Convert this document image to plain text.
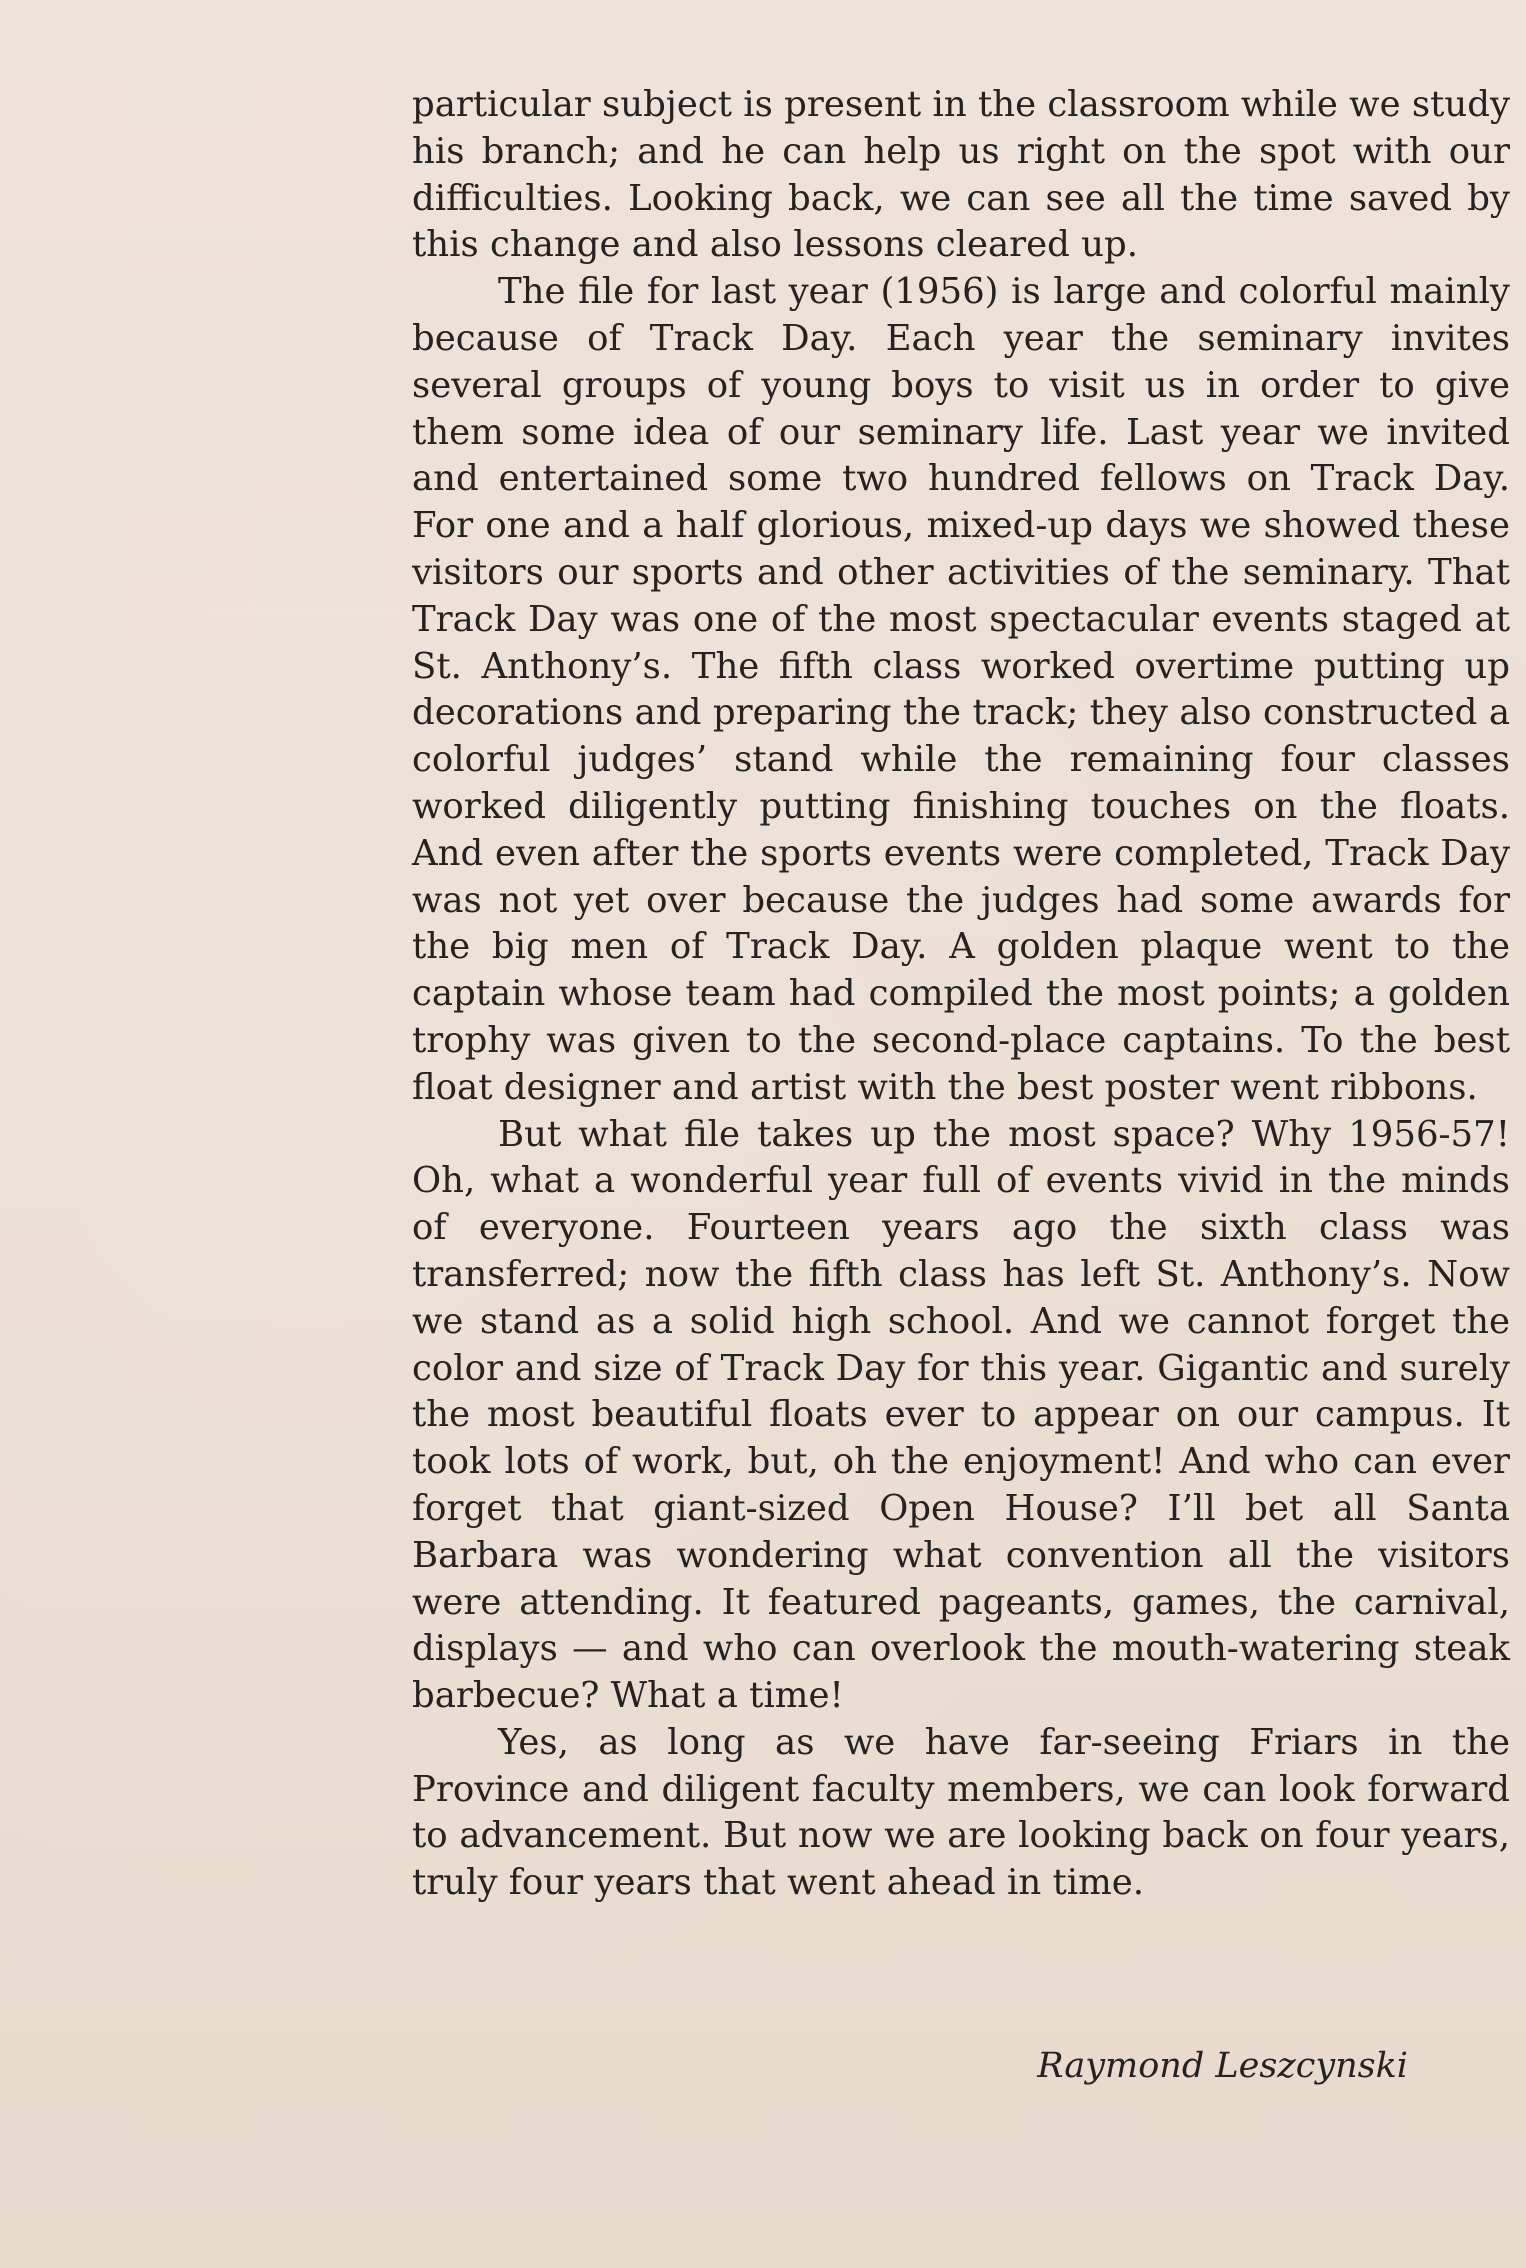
particular subject is present in the classroom while we study his branch; and he can help us right on the spot with our difficulties. Looking back, we can see all the time saved by this change and also lessons cleared up.

The file for last year (1956) is large and colorful mainly because of Track Day. Each year the seminary invites several groups of young boys to visit us in order to give them some idea of our seminary life. Last year we invited and entertained some two hundred fellows on Track Day. For one and a half glorious, mixed-up days we showed these visitors our sports and other activities of the seminary. That Track Day was one of the most spectacular events staged at St. Anthony’s. The fifth class worked overtime putting up decorations and preparing the track; they also constructed a colorful judges’ stand while the remaining four classes worked diligently putting finishing touches on the floats. And even after the sports events were completed, Track Day was not yet over because the judges had some awards for the big men of Track Day. A golden plaque went to the captain whose team had compiled the most points; a golden trophy was given to the second-place captains. To the best float designer and artist with the best poster went ribbons.

But what file takes up the most space? Why 1956-57! Oh, what a wonderful year full of events vivid in the minds of everyone. Fourteen years ago the sixth class was transferred; now the fifth class has left St. Anthony’s. Now we stand as a solid high school. And we cannot forget the color and size of Track Day for this year. Gigantic and surely the most beautiful floats ever to appear on our campus. It took lots of work, but, oh the enjoyment! And who can ever forget that giant-sized Open House? I’ll bet all Santa Barbara was wondering what convention all the visitors were attending. It featured pageants, games, the carnival, displays — and who can overlook the mouth-watering steak barbecue? What a time!

Yes, as long as we have far-seeing Friars in the Province and diligent faculty members, we can look forward to advancement. But now we are looking back on four years, truly four years that went ahead in time.

Raymond Leszcynski
